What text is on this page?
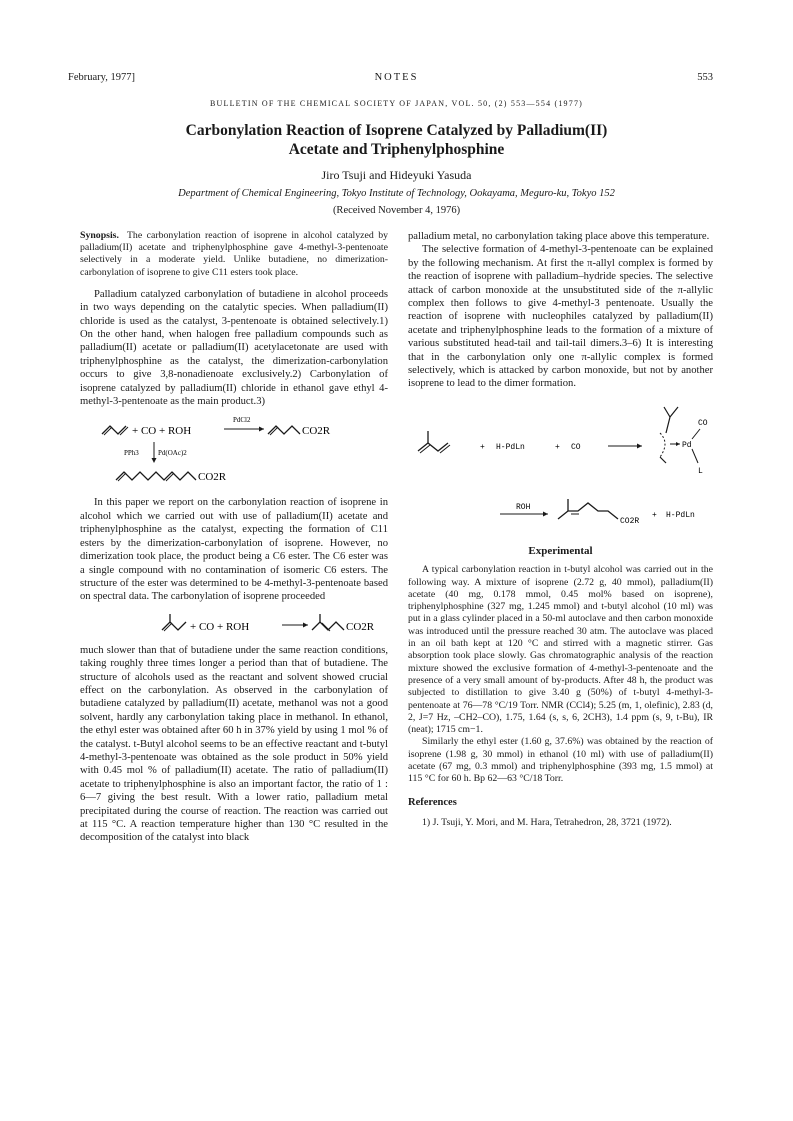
February, 1977]	NOTES	553
BULLETIN OF THE CHEMICAL SOCIETY OF JAPAN, VOL. 50, (2) 553—554 (1977)
Carbonylation Reaction of Isoprene Catalyzed by Palladium(II)
Acetate and Triphenylphosphine
Jiro Tsuji and Hideyuki Yasuda
Department of Chemical Engineering, Tokyo Institute of Technology, Ookayama, Meguro-ku, Tokyo 152
(Received November 4, 1976)

Synopsis. The carbonylation reaction of isoprene in alcohol catalyzed by palladium(II) acetate and triphenylphosphine gave 4-methyl-3-pentenoate selectively in a moderate yield. Unlike butadiene, no dimerization-carbonylation of isoprene to give C11 esters took place.

Palladium catalyzed carbonylation of butadiene in alcohol proceeds in two ways depending on the catalytic species. When palladium(II) chloride is used as the catalyst, 3-pentenoate is obtained selectively.1) On the other hand, when halogen free palladium compounds such as palladium(II) acetate or palladium(II) acetylacetonate are used with triphenylphosphine as the catalyst, the dimerization-carbonylation occurs to give 3,8-nonadienoate exclusively.2) Carbonylation of isoprene catalyzed by palladium(II) chloride in ethanol gave ethyl 4-methyl-3-pentenoate as the main product.3)

+ CO + ROH
PdCl2
CO2R
PPh3	Pd(OAc)2
CO2R

In this paper we report on the carbonylation reaction of isoprene in alcohol which we carried out with use of palladium(II) acetate and triphenylphosphine as the catalyst, expecting the formation of C11 esters by the dimerization-carbonylation of isoprene. However, no dimerization took place, the product being a C6 ester. The C6 ester was a single compound with no contamination of isomeric C6 esters. The structure of the ester was determined to be 4-methyl-3-pentenoate based on spectral data. The carbonylation of isoprene proceeded

+ CO + ROH	CO2R

much slower than that of butadiene under the same reaction conditions, taking roughly three times longer a period than that of butadiene. The structure of alcohols used as the reactant and solvent showed crucial effect on the carbonylation. As observed in the carbonylation of butadiene catalyzed by palladium(II) acetate, methanol was not a good solvent, hardly any carbonylation taking place in methanol. In ethanol, the ethyl ester was obtained after 60 h in 37% yield by using 1 mol % of the catalyst. t-Butyl alcohol seems to be an effective reactant and t-butyl 4-methyl-3-pentenoate was obtained as the sole product in 50% yield with 0.45 mol % of palladium(II) acetate. The ratio of palladium(II) acetate to triphenylphosphine is also an important factor, the ratio of 1 : 6—7 giving the best result. With a lower ratio, palladium metal precipitated during the course of reaction. The reaction was carried out at 115 °C. A reaction temperature higher than 130 °C resulted in the decomposition of the catalyst into black

palladium metal, no carbonylation taking place above this temperature.

The selective formation of 4-methyl-3-pentenoate can be explained by the following mechanism. At first the π-allyl complex is formed by the reaction of isoprene with palladium–hydride species. The selective attack of carbon monoxide at the unsubstituted side of the π-allylic complex then follows to give 4-methyl-3 pentenoate. Usually the reaction of isoprene with nucleophiles catalyzed by palladium(II) acetate and triphenylphosphine leads to the formation of a mixture of various substituted head-tail and tail-tail dimers.3–6) It is interesting that in the carbonylation only one π-allylic complex is formed selectively, which is attacked by carbon monoxide, but not by another isoprene to lead to the dimer formation.

+ H-PdLn	+ CO	Pd
CO
L
ROH
CO2R
+ H-PdLn
Experimental

A typical carbonylation reaction in t-butyl alcohol was carried out in the following way. A mixture of isoprene (2.72 g, 40 mmol), palladium(II) acetate (40 mg, 0.178 mmol, 0.45 mol% based on isoprene), triphenylphosphine (327 mg, 1.245 mmol) and t-butyl alcohol (10 ml) was put in a glass cylinder placed in a 50-ml autoclave and then carbon monoxide was introduced until the pressure reached 30 atm. The autoclave was placed in an oil bath kept at 120 °C and stirred with a magnetic stirrer. Gas absorption took place slowly. Gas chromatographic analysis of the reaction mixture showed the exclusive formation of 4-methyl-3-pentenoate and the presence of a very small amount of by-products. After 48 h, the product was subjected to distillation to give 3.40 g (50%) of t-butyl 4-methyl-3-pentenoate at 76—78 °C/19 Torr. NMR (CCl4); 5.25 (m, 1, olefinic), 2.83 (d, 2, J=7 Hz, –CH2–CO), 1.75, 1.64 (s, s, 6, 2CH3), 1.4 ppm (s, 9, t-Bu), IR (neat); 1715 cm−1.

Similarly the ethyl ester (1.60 g, 37.6%) was obtained by the reaction of isoprene (1.98 g, 30 mmol) in ethanol (10 ml) with use of palladium(II) acetate (67 mg, 0.3 mmol) and triphenylphosphine (393 mg, 1.5 mmol) at 115 °C for 60 h. Bp 62—63 °C/18 Torr.

References

1) J. Tsuji, Y. Mori, and M. Hara, Tetrahedron, 28, 3721 (1972).
